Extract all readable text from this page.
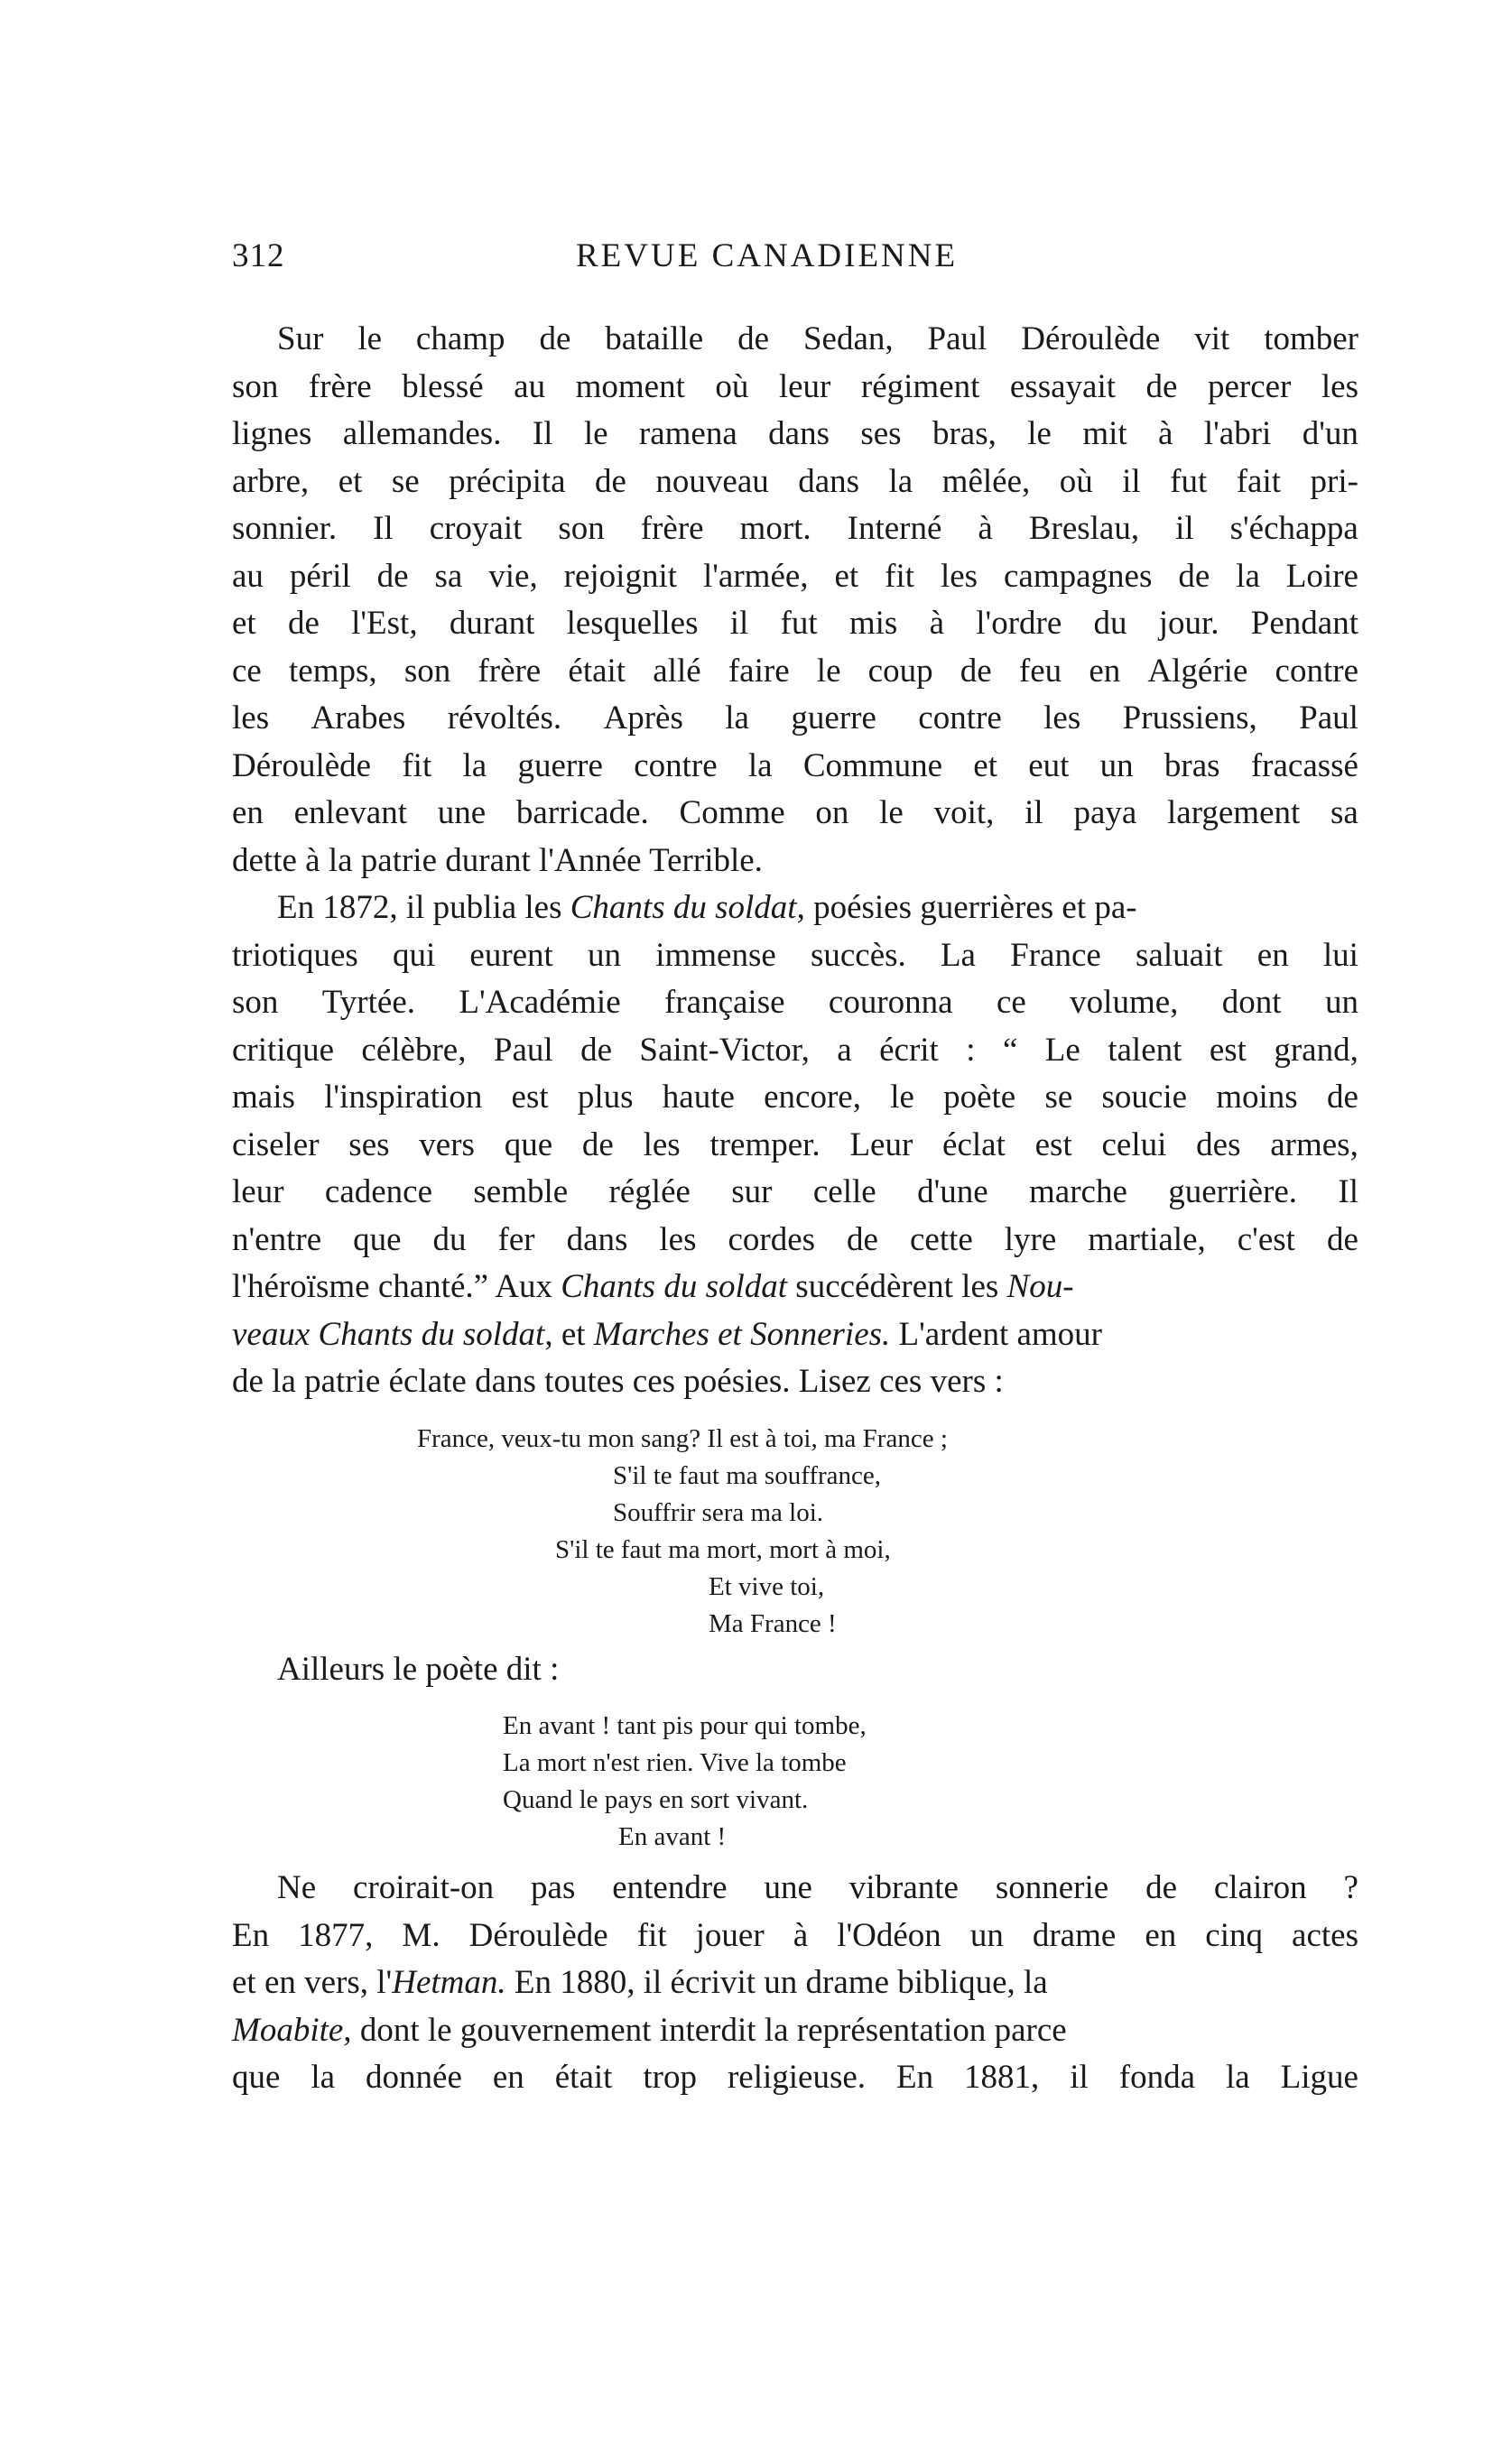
312	REVUE CANADIENNE
Sur le champ de bataille de Sedan, Paul Déroulède vit tomber
son frère blessé au moment où leur régiment essayait de percer les
lignes allemandes. Il le ramena dans ses bras, le mit à l'abri d'un
arbre, et se précipita de nouveau dans la mêlée, où il fut fait pri-
sonnier. Il croyait son frère mort. Interné à Breslau, il s'échappa
au péril de sa vie, rejoignit l'armée, et fit les campagnes de la Loire
et de l'Est, durant lesquelles il fut mis à l'ordre du jour. Pendant
ce temps, son frère était allé faire le coup de feu en Algérie contre
les Arabes révoltés. Après la guerre contre les Prussiens, Paul
Déroulède fit la guerre contre la Commune et eut un bras fracassé
en enlevant une barricade. Comme on le voit, il paya largement sa
dette à la patrie durant l'Année Terrible.
En 1872, il publia les Chants du soldat , poésies guerrières et pa-
triotiques qui eurent un immense succès. La France saluait en lui
son Tyrtée. L'Académie française couronna ce volume, dont un
critique célèbre, Paul de Saint-Victor, a écrit : “ Le talent est grand,
mais l'inspiration est plus haute encore, le poète se soucie moins de
ciseler ses vers que de les tremper. Leur éclat est celui des armes,
leur cadence semble réglée sur celle d'une marche guerrière. Il
n'entre que du fer dans les cordes de cette lyre martiale, c'est de
l'héroïsme chanté.” Aux Chants du soldat succédèrent les Nou-
veaux Chants du soldat , et Marches et Sonneries. L'ardent amour
de la patrie éclate dans toutes ces poésies. Lisez ces vers :
France, veux-tu mon sang? Il est à toi, ma France ;
S'il te faut ma souffrance,
Souffrir sera ma loi.
S'il te faut ma mort, mort à moi,
Et vive toi,
Ma France !
Ailleurs le poète dit :
En avant ! tant pis pour qui tombe,
La mort n'est rien. Vive la tombe
Quand le pays en sort vivant.
En avant !
Ne croirait-on pas entendre une vibrante sonnerie de clairon ?
En 1877, M. Déroulède fit jouer à l'Odéon un drame en cinq actes
et en vers, l' Hetman. En 1880, il écrivit un drame biblique, la
Moabite, dont le gouvernement interdit la représentation parce
que la donnée en était trop religieuse. En 1881, il fonda la Ligue
